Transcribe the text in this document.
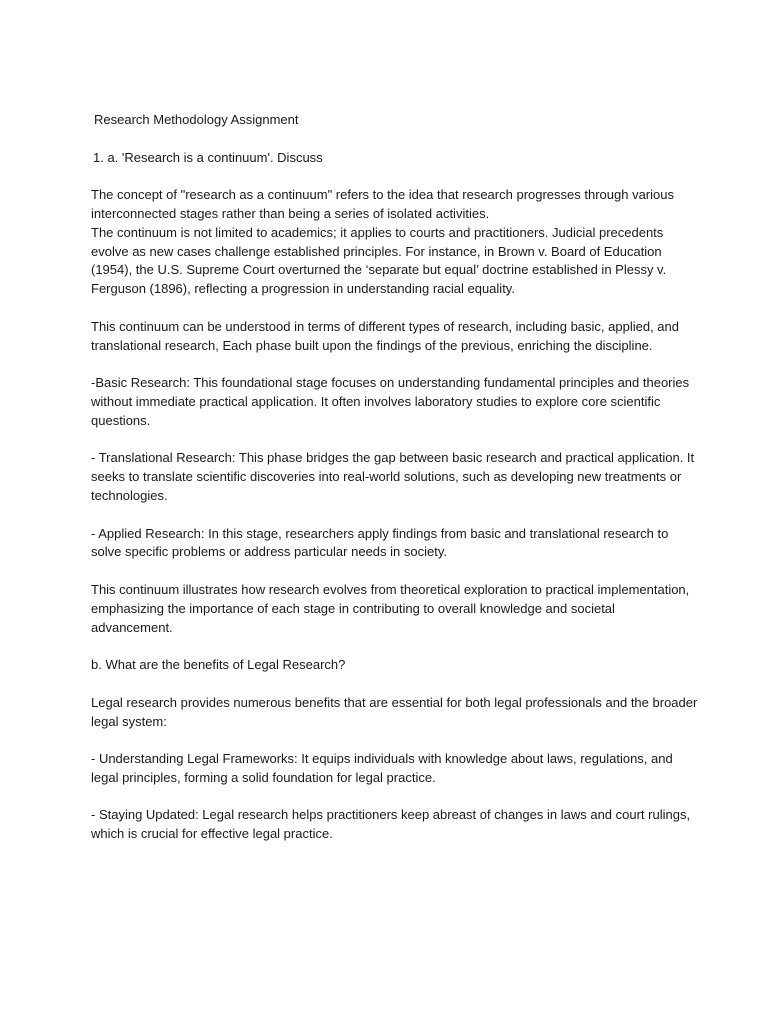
Research Methodology Assignment

1. a. 'Research is a continuum'. Discuss

The concept of "research as a continuum" refers to the idea that research progresses through various interconnected stages rather than being a series of isolated activities.
The continuum is not limited to academics; it applies to courts and practitioners. Judicial precedents evolve as new cases challenge established principles. For instance, in Brown v. Board of Education (1954), the U.S. Supreme Court overturned the ‘separate but equal’ doctrine established in Plessy v. Ferguson (1896), reflecting a progression in understanding racial equality.

This continuum can be understood in terms of different types of research, including basic, applied, and translational research, Each phase built upon the findings of the previous, enriching the discipline.

-Basic Research: This foundational stage focuses on understanding fundamental principles and theories without immediate practical application. It often involves laboratory studies to explore core scientific questions.

- Translational Research: This phase bridges the gap between basic research and practical application. It seeks to translate scientific discoveries into real-world solutions, such as developing new treatments or technologies.

- Applied Research: In this stage, researchers apply findings from basic and translational research to solve specific problems or address particular needs in society.

This continuum illustrates how research evolves from theoretical exploration to practical implementation, emphasizing the importance of each stage in contributing to overall knowledge and societal advancement.

b. What are the benefits of Legal Research?

Legal research provides numerous benefits that are essential for both legal professionals and the broader legal system:

- Understanding Legal Frameworks: It equips individuals with knowledge about laws, regulations, and legal principles, forming a solid foundation for legal practice.

- Staying Updated: Legal research helps practitioners keep abreast of changes in laws and court rulings, which is crucial for effective legal practice.
